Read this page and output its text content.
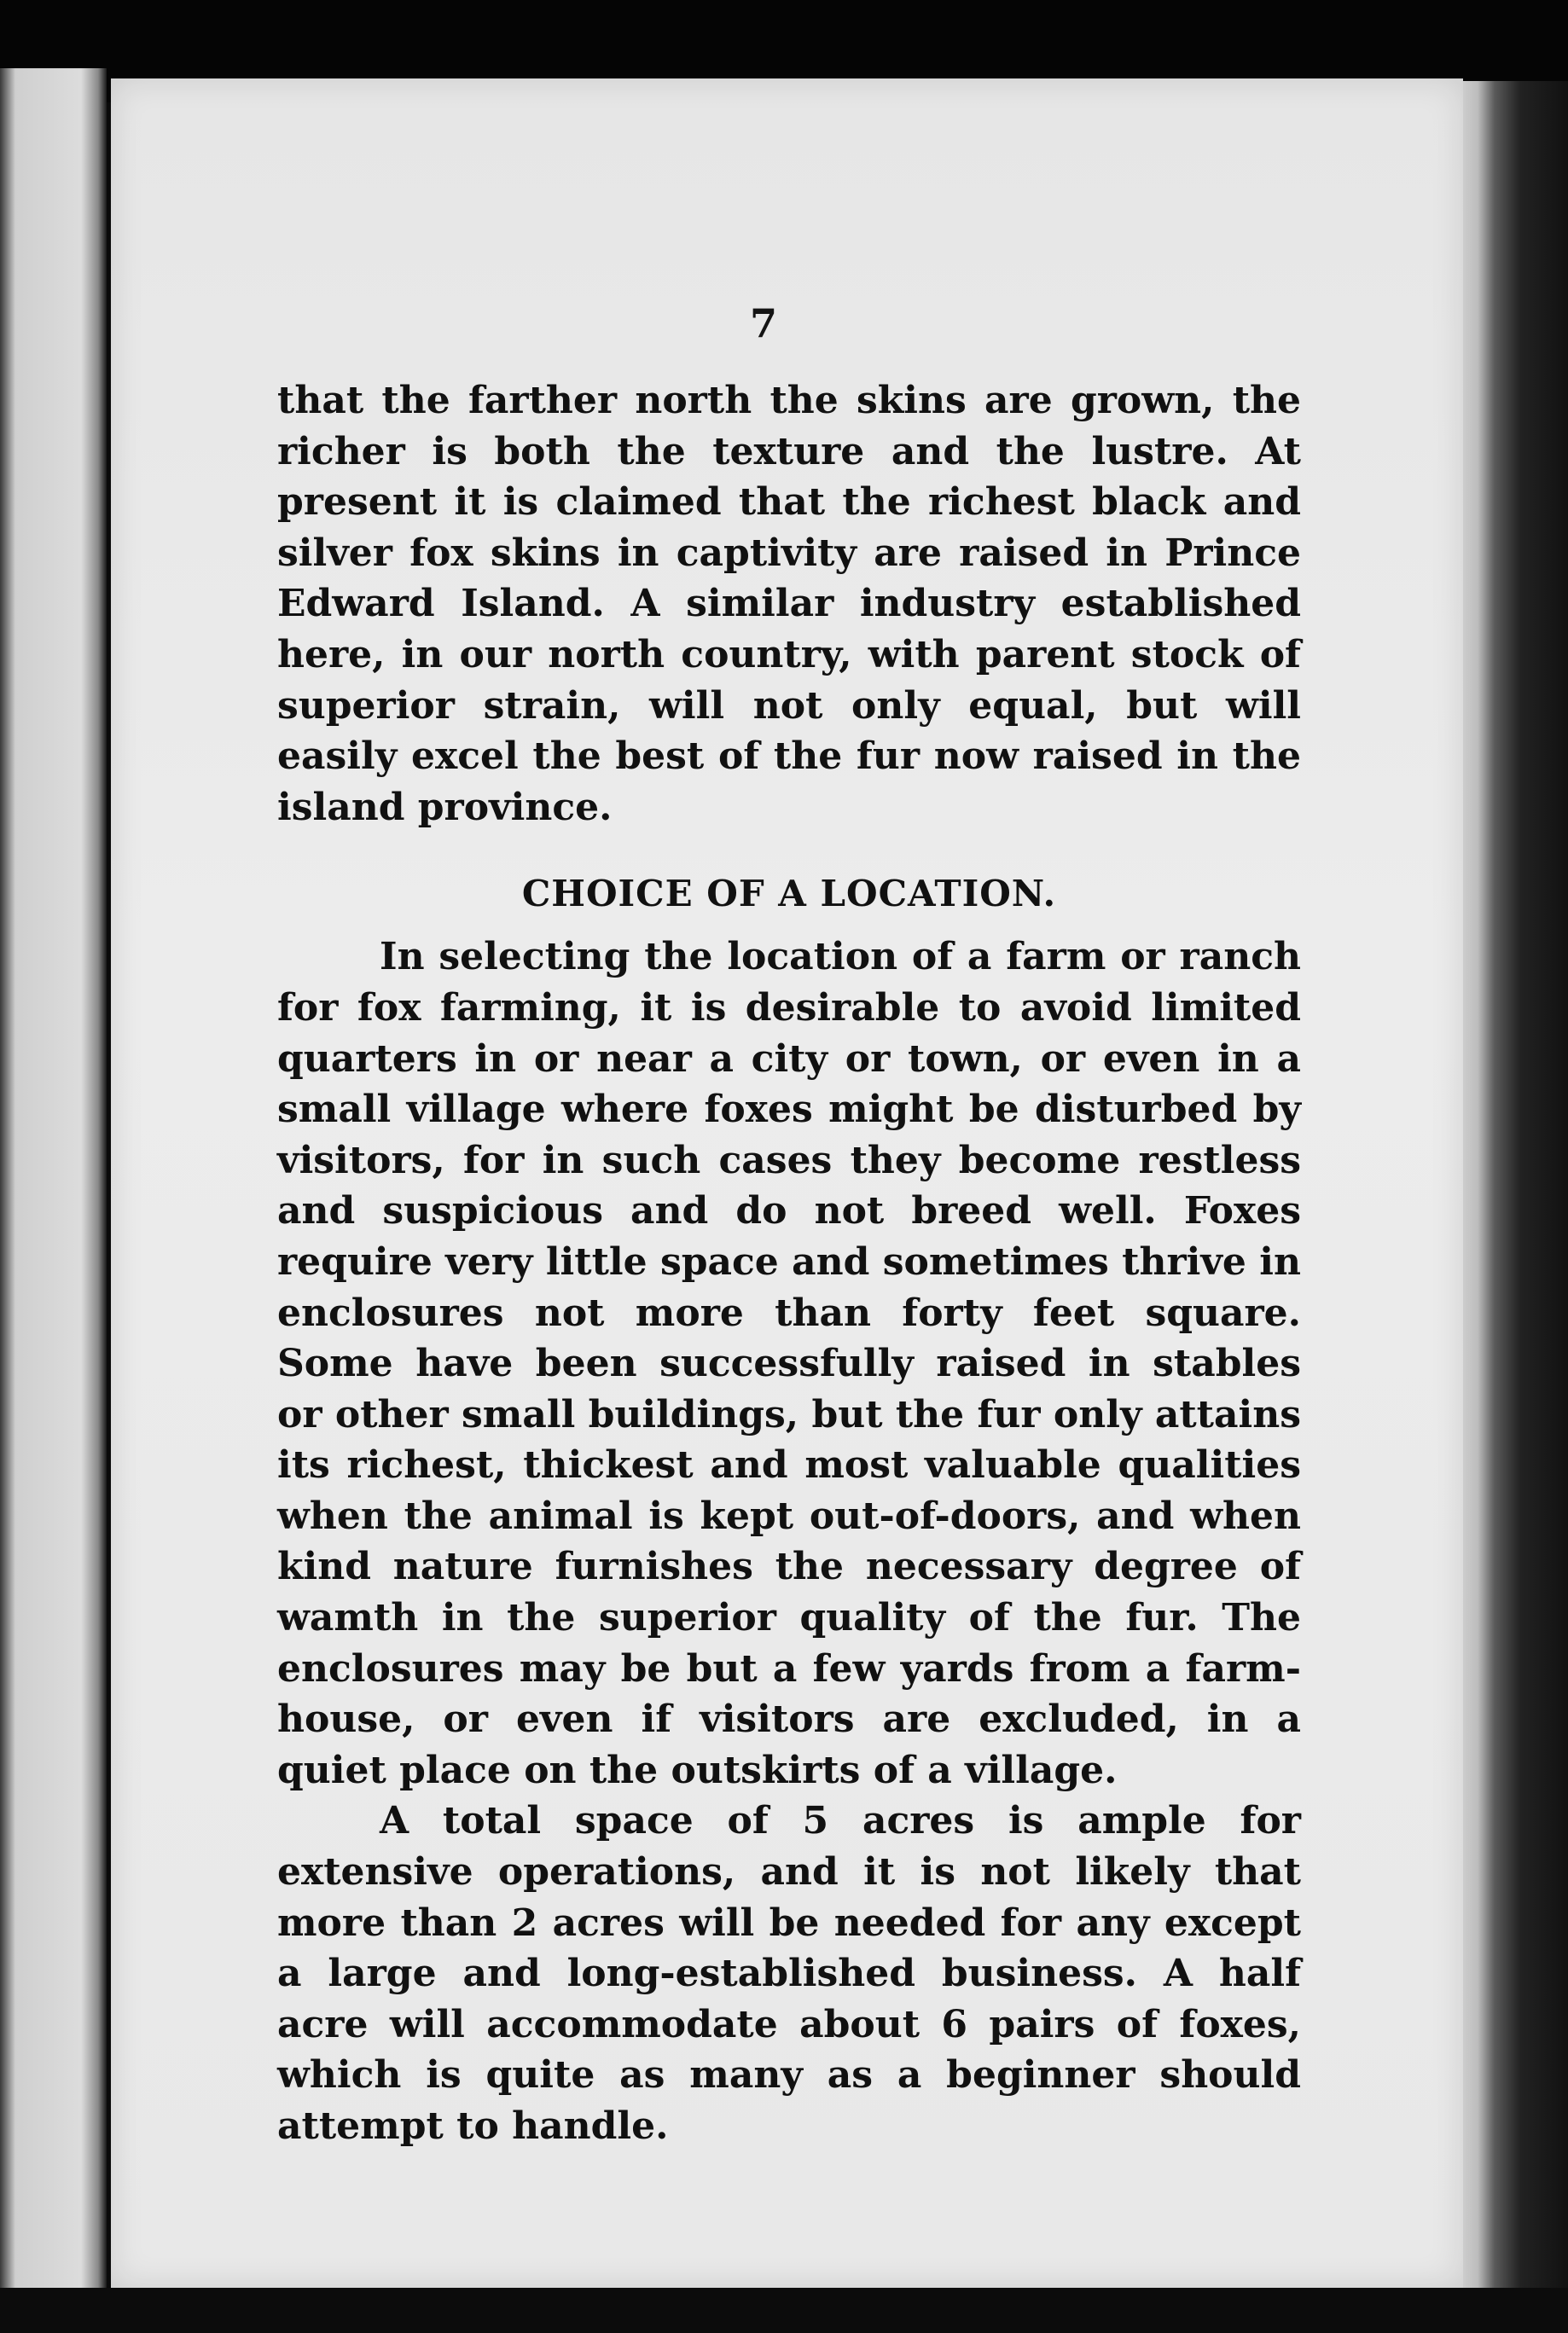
7

that the farther north the skins are grown, the richer is both the texture and the lustre. At present it is claimed that the richest black and silver fox skins in captivity are raised in Prince Edward Island. A similar industry established here, in our north country, with parent stock of superior strain, will not only equal, but will easily excel the best of the fur now raised in the island province.

CHOICE OF A LOCATION.

In selecting the location of a farm or ranch for fox farming, it is desirable to avoid limited quarters in or near a city or town, or even in a small village where foxes might be disturbed by visitors, for in such cases they become restless and suspicious and do not breed well. Foxes require very little space and sometimes thrive in enclosures not more than forty feet square. Some have been successfully raised in stables or other small buildings, but the fur only attains its richest, thickest and most valuable qualities when the animal is kept out-of-doors, and when kind nature furnishes the necessary degree of wamth in the superior quality of the fur. The enclosures may be but a few yards from a farm-house, or even if visitors are excluded, in a quiet place on the outskirts of a village.

A total space of 5 acres is ample for extensive operations, and it is not likely that more than 2 acres will be needed for any except a large and long-established business. A half acre will accommodate about 6 pairs of foxes, which is quite as many as a beginner should attempt to handle.
